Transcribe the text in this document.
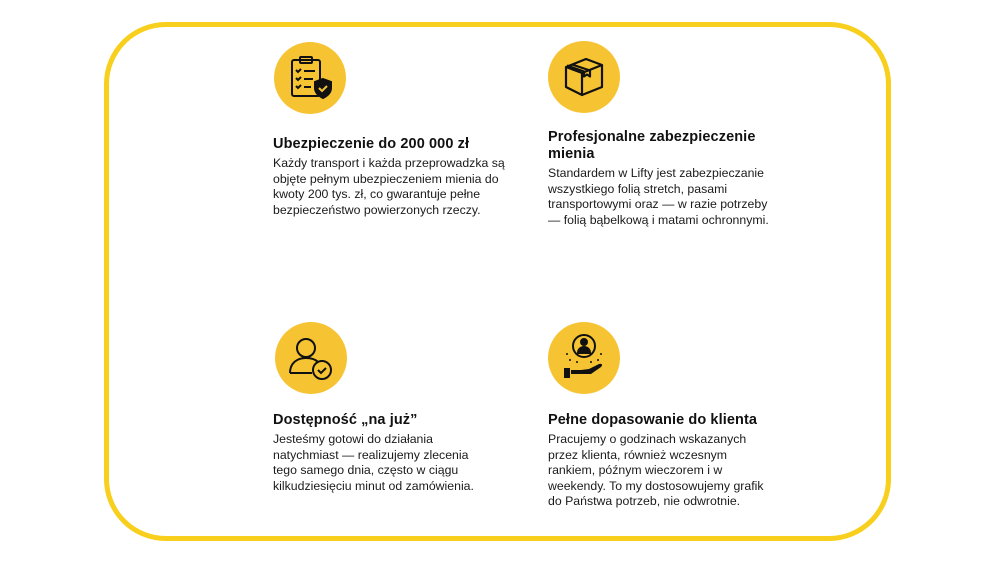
Ubezpieczenie do 200 000 zł
Każdy transport i każda przeprowadzka są
objęte pełnym ubezpieczeniem mienia do
kwoty 200 tys. zł, co gwarantuje pełne
bezpieczeństwo powierzonych rzeczy.
Profesjonalne zabezpieczenie
mienia
Standardem w Lifty jest zabezpieczanie
wszystkiego folią stretch, pasami
transportowymi oraz — w razie potrzeby
— folią bąbelkową i matami ochronnymi.
Dostępność „na już”
Jesteśmy gotowi do działania
natychmiast — realizujemy zlecenia
tego samego dnia, często w ciągu
kilkudziesięciu minut od zamówienia.
Pełne dopasowanie do klienta
Pracujemy o godzinach wskazanych
przez klienta, również wczesnym
rankiem, późnym wieczorem i w
weekendy. To my dostosowujemy grafik
do Państwa potrzeb, nie odwrotnie.
